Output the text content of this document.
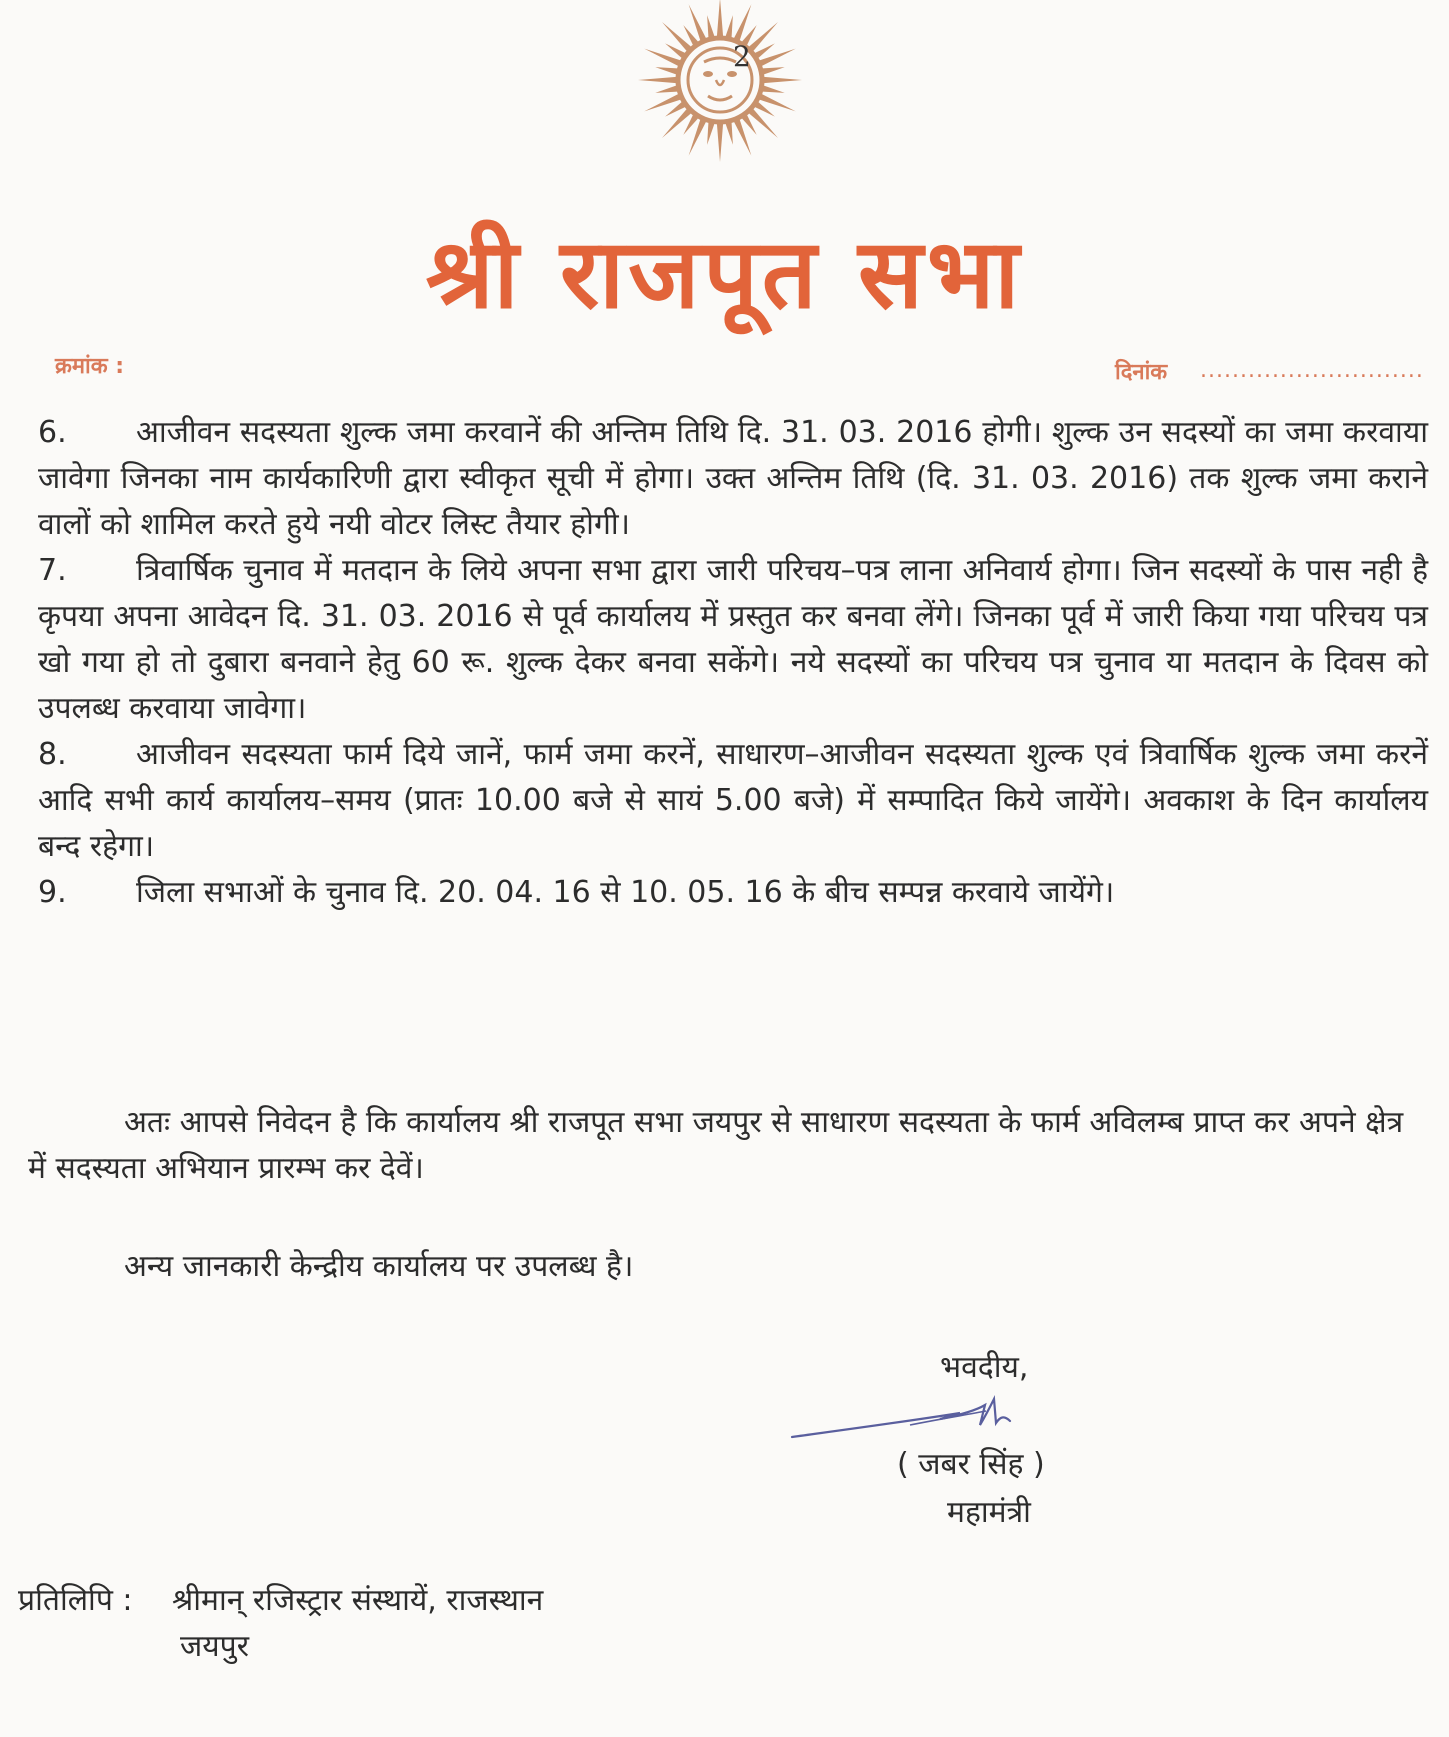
2
श्री राजपूत सभा
क्रमांक :	दिनांक ............................
6.	आजीवन सदस्यता शुल्क जमा करवानें की अन्तिम तिथि दि. 31. 03. 2016 होगी। शुल्क उन सदस्यों का जमा करवाया जावेगा जिनका नाम कार्यकारिणी द्वारा स्वीकृत सूची में होगा। उक्त अन्तिम तिथि (दि. 31. 03. 2016) तक शुल्क जमा कराने वालों को शामिल करते हुये नयी वोटर लिस्ट तैयार होगी।
7.	त्रिवार्षिक चुनाव में मतदान के लिये अपना सभा द्वारा जारी परिचय–पत्र लाना अनिवार्य होगा। जिन सदस्यों के पास नही है कृपया अपना आवेदन दि. 31. 03. 2016 से पूर्व कार्यालय में प्रस्तुत कर बनवा लेंगे। जिनका पूर्व में जारी किया गया परिचय पत्र खो गया हो तो दुबारा बनवाने हेतु 60 रू. शुल्क देकर बनवा सकेंगे। नये सदस्यों का परिचय पत्र चुनाव या मतदान के दिवस को उपलब्ध करवाया जावेगा।
8.	आजीवन सदस्यता फार्म दिये जानें, फार्म जमा करनें, साधारण–आजीवन सदस्यता शुल्क एवं त्रिवार्षिक शुल्क जमा करनें आदि सभी कार्य कार्यालय–समय (प्रातः 10.00 बजे से सायं 5.00 बजे) में सम्पादित किये जायेंगे। अवकाश के दिन कार्यालय बन्द रहेगा।
9.	जिला सभाओं के चुनाव दि. 20. 04. 16 से 10. 05. 16 के बीच सम्पन्न करवाये जायेंगे।
अतः आपसे निवेदन है कि कार्यालय श्री राजपूत सभा जयपुर से साधारण सदस्यता के फार्म अविलम्ब प्राप्त कर अपने क्षेत्र में सदस्यता अभियान प्रारम्भ कर देवें।
अन्य जानकारी केन्द्रीय कार्यालय पर उपलब्ध है।
भवदीय,
( जबर सिंह )
महामंत्री
प्रतिलिपि : श्रीमान् रजिस्ट्रार संस्थायें, राजस्थान
जयपुर
